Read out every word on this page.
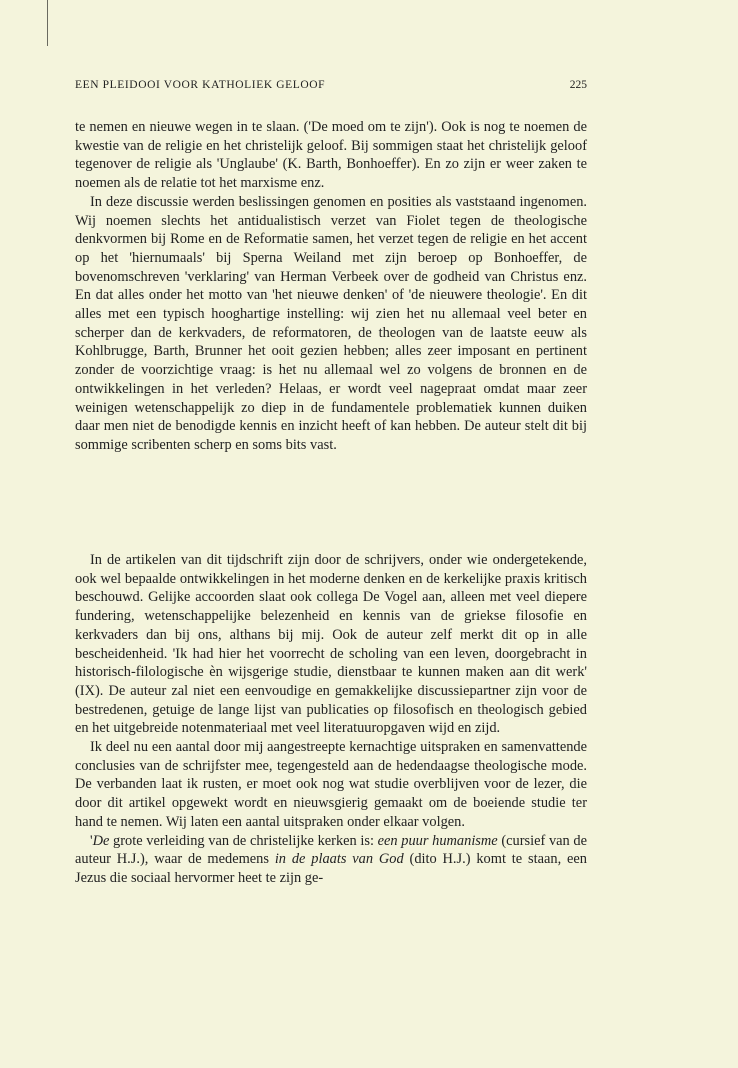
EEN PLEIDOOI VOOR KATHOLIEK GELOOF	225

te nemen en nieuwe wegen in te slaan. ('De moed om te zijn'). Ook is nog te noemen de kwestie van de religie en het christelijk geloof. Bij sommigen staat het christelijk geloof tegenover de religie als 'Unglaube' (K. Barth, Bonhoeffer). En zo zijn er weer zaken te noemen als de relatie tot het marxisme enz.

In deze discussie werden beslissingen genomen en posities als vaststaand ingenomen. Wij noemen slechts het antidualistisch verzet van Fiolet tegen de theologische denkvormen bij Rome en de Reformatie samen, het verzet tegen de religie en het accent op het 'hiernumaals' bij Sperna Weiland met zijn beroep op Bonhoeffer, de bovenomschreven 'verklaring' van Herman Verbeek over de godheid van Christus enz. En dat alles onder het motto van 'het nieuwe denken' of 'de nieuwere theologie'. En dit alles met een typisch hooghartige instelling: wij zien het nu allemaal veel beter en scherper dan de kerkvaders, de reformatoren, de theologen van de laatste eeuw als Kohlbrugge, Barth, Brunner het ooit gezien hebben; alles zeer imposant en pertinent zonder de voorzichtige vraag: is het nu allemaal wel zo volgens de bronnen en de ontwikkelingen in het verleden? Helaas, er wordt veel nagepraat omdat maar zeer weinigen wetenschappelijk zo diep in de fundamentele problematiek kunnen duiken daar men niet de benodigde kennis en inzicht heeft of kan hebben. De auteur stelt dit bij sommige scribenten scherp en soms bits vast.

In de artikelen van dit tijdschrift zijn door de schrijvers, onder wie ondergetekende, ook wel bepaalde ontwikkelingen in het moderne denken en de kerkelijke praxis kritisch beschouwd. Gelijke accoorden slaat ook collega De Vogel aan, alleen met veel diepere fundering, wetenschappelijke belezenheid en kennis van de griekse filosofie en kerkvaders dan bij ons, althans bij mij. Ook de auteur zelf merkt dit op in alle bescheidenheid. 'Ik had hier het voorrecht de scholing van een leven, doorgebracht in historisch-filologische èn wijsgerige studie, dienstbaar te kunnen maken aan dit werk' (IX). De auteur zal niet een eenvoudige en gemakkelijke discussiepartner zijn voor de bestredenen, getuige de lange lijst van publicaties op filosofisch en theologisch gebied en het uitgebreide notenmateriaal met veel literatuuropgaven wijd en zijd.

Ik deel nu een aantal door mij aangestreepte kernachtige uitspraken en samenvattende conclusies van de schrijfster mee, tegengesteld aan de hedendaagse theologische mode. De verbanden laat ik rusten, er moet ook nog wat studie overblijven voor de lezer, die door dit artikel opgewekt wordt en nieuwsgierig gemaakt om de boeiende studie ter hand te nemen. Wij laten een aantal uitspraken onder elkaar volgen.

'De grote verleiding van de christelijke kerken is: een puur humanisme (cursief van de auteur H.J.), waar de medemens in de plaats van God (dito H.J.) komt te staan, een Jezus die sociaal hervormer heet te zijn ge-
